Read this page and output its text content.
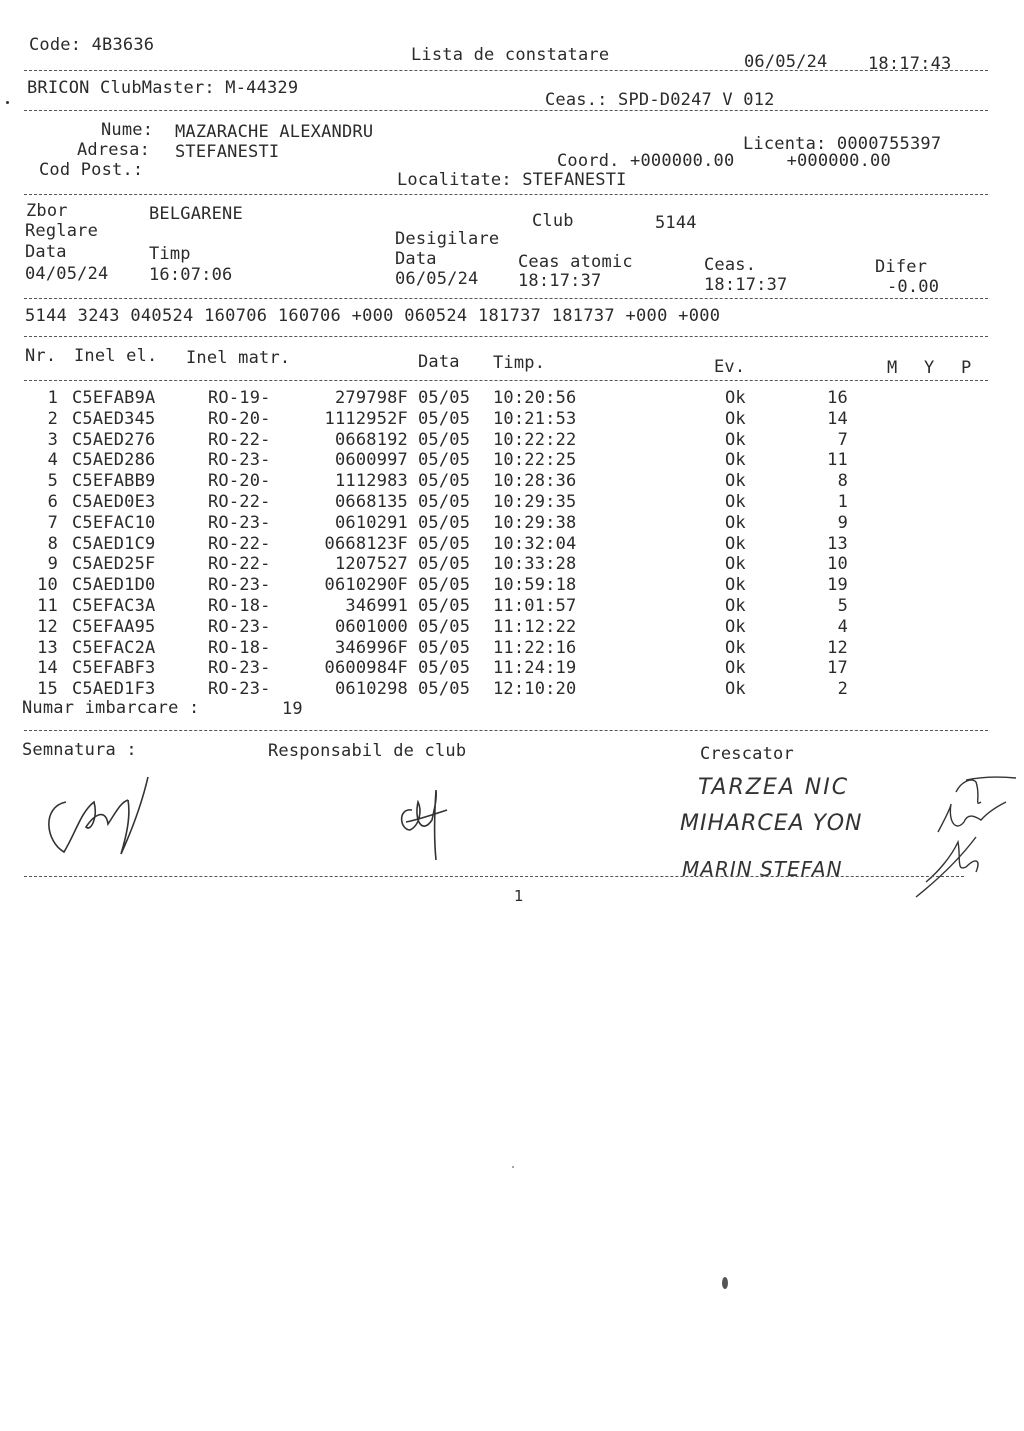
Code: 4B3636	Lista de constatare	06/05/24 18:17:43
BRICON ClubMaster: M-44329
Ceas.: SPD-D0247 V 012
Nume: MAZARACHE ALEXANDRU
Adresa: STEFANESTI
Cod Post.:
Licenta: 0000755397
Coord. +000000.00     +000000.00
Localitate: STEFANESTI
Zbor	BELGARENE	Club	5144
Reglare	Desigilare
Data	Timp	Data	Ceas atomic	Ceas.	Difer
04/05/24 16:07:06	06/05/24 18:17:37	18:17:37	-0.00
5144 3243 040524 160706 160706 +000 060524 181737 181737 +000 +000
Nr. Inel el. Inel matr.	Data Timp.	Ev.	M Y P
1 C5EFAB9A	RO-19-	279798F 05/05	10:20:56	Ok	16
2 C5AED345	RO-20-	1112952F 05/05	10:21:53	Ok	14
3 C5AED276	RO-22-	0668192 05/05	10:22:22	Ok	7
4 C5AED286	RO-23-	0600997 05/05	10:22:25	Ok	11
5 C5EFABB9	RO-20-	1112983 05/05	10:28:36	Ok	8
6 C5AED0E3	RO-22-	0668135 05/05	10:29:35	Ok	1
7 C5EFAC10	RO-23-	0610291 05/05	10:29:38	Ok	9
8 C5AED1C9	RO-22-	0668123F 05/05	10:32:04	Ok	13
9 C5AED25F	RO-22-	1207527 05/05	10:33:28	Ok	10
10 C5AED1D0	RO-23-	0610290F 05/05	10:59:18	Ok	19
11 C5EFAC3A	RO-18-	346991 05/05	11:01:57	Ok	5
12 C5EFAA95	RO-23-	0601000 05/05	11:12:22	Ok	4
13 C5EFAC2A	RO-18-	346996F 05/05	11:22:16	Ok	12
14 C5EFABF3	RO-23-	0600984F 05/05	11:24:19	Ok	17
15 C5AED1F3	RO-23-	0610298 05/05	12:10:20	Ok	2
Numar imbarcare :	19
Semnatura :	Responsabil de club	Crescator
TARZEA NIC
MIHARCEA YON
MARIN STEFAN
1
